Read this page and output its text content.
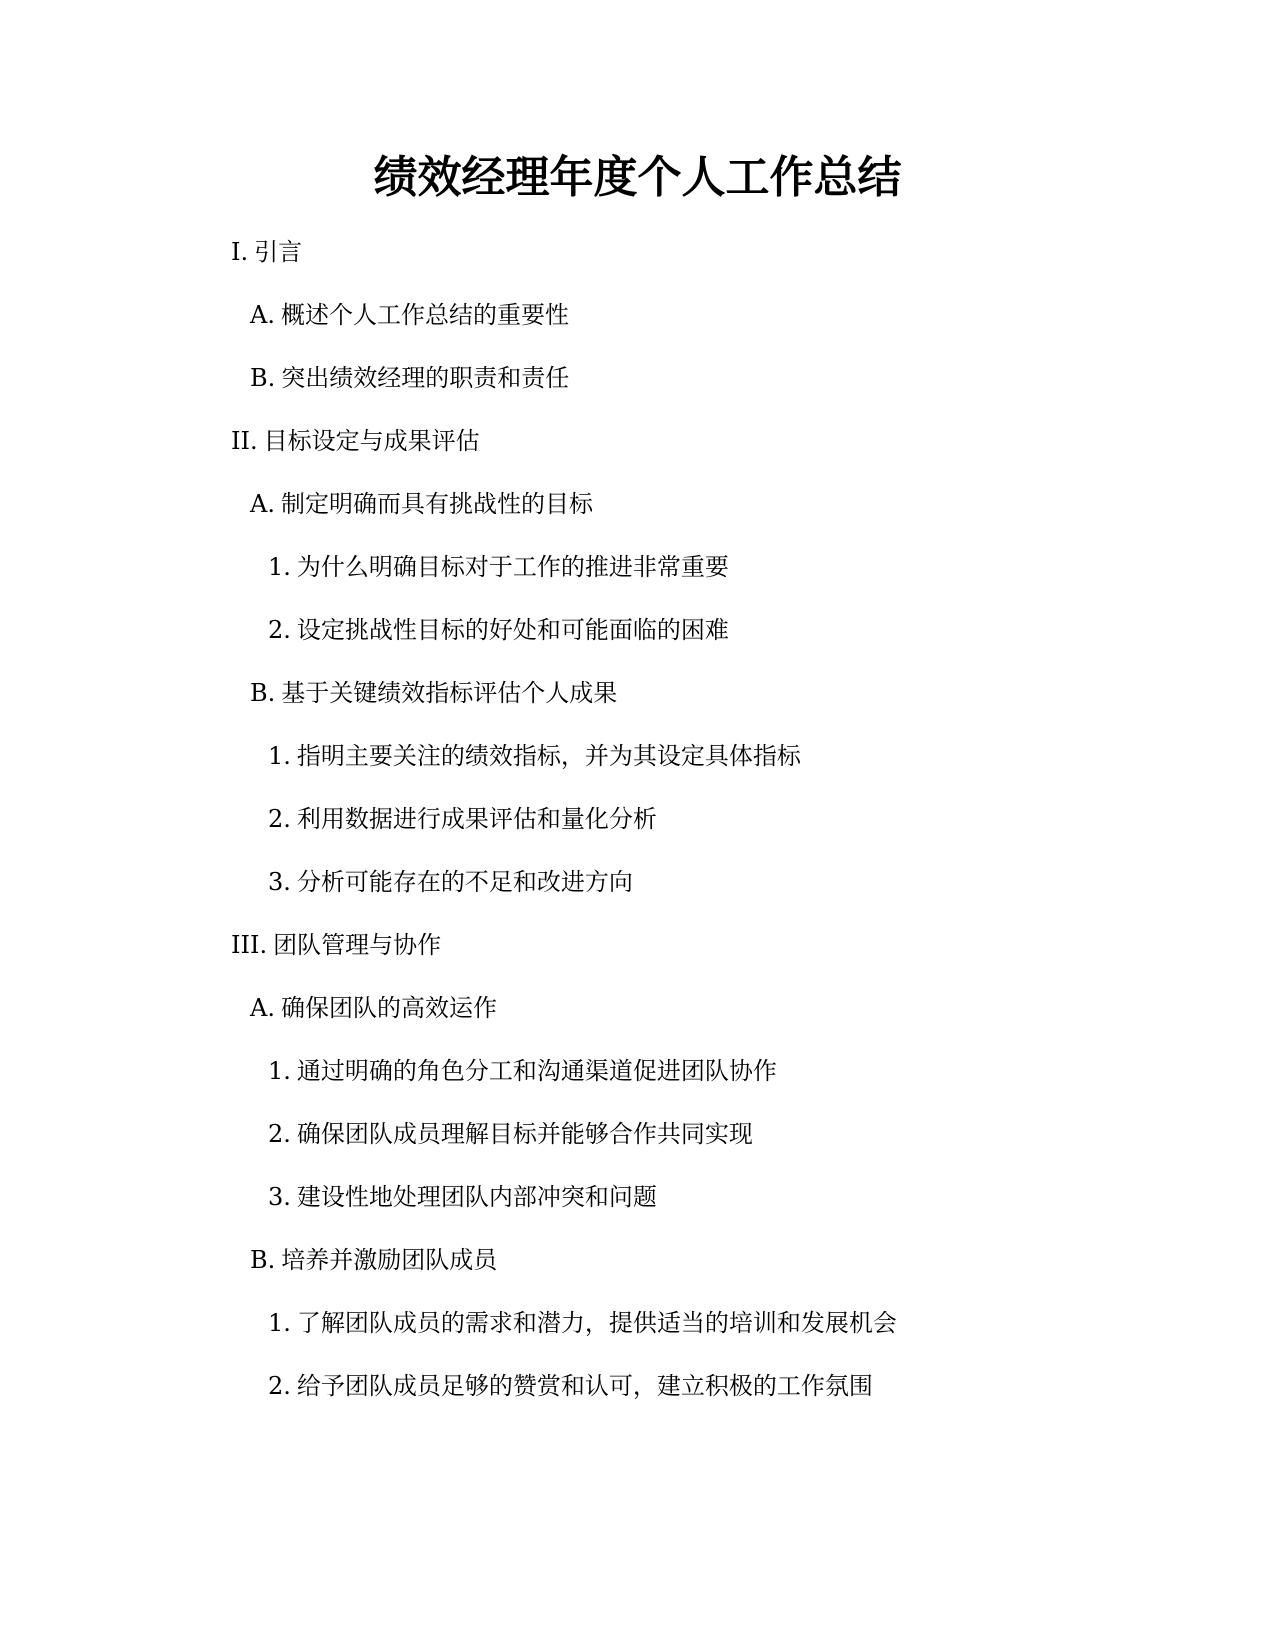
绩效经理年度个人工作总结

I. 引言

A. 概述个人工作总结的重要性

B. 突出绩效经理的职责和责任

II. 目标设定与成果评估

A. 制定明确而具有挑战性的目标

1. 为什么明确目标对于工作的推进非常重要

2. 设定挑战性目标的好处和可能面临的困难

B. 基于关键绩效指标评估个人成果

1. 指明主要关注的绩效指标，并为其设定具体指标

2. 利用数据进行成果评估和量化分析

3. 分析可能存在的不足和改进方向

III. 团队管理与协作

A. 确保团队的高效运作

1. 通过明确的角色分工和沟通渠道促进团队协作

2. 确保团队成员理解目标并能够合作共同实现

3. 建设性地处理团队内部冲突和问题

B. 培养并激励团队成员

1. 了解团队成员的需求和潜力，提供适当的培训和发展机会

2. 给予团队成员足够的赞赏和认可，建立积极的工作氛围
